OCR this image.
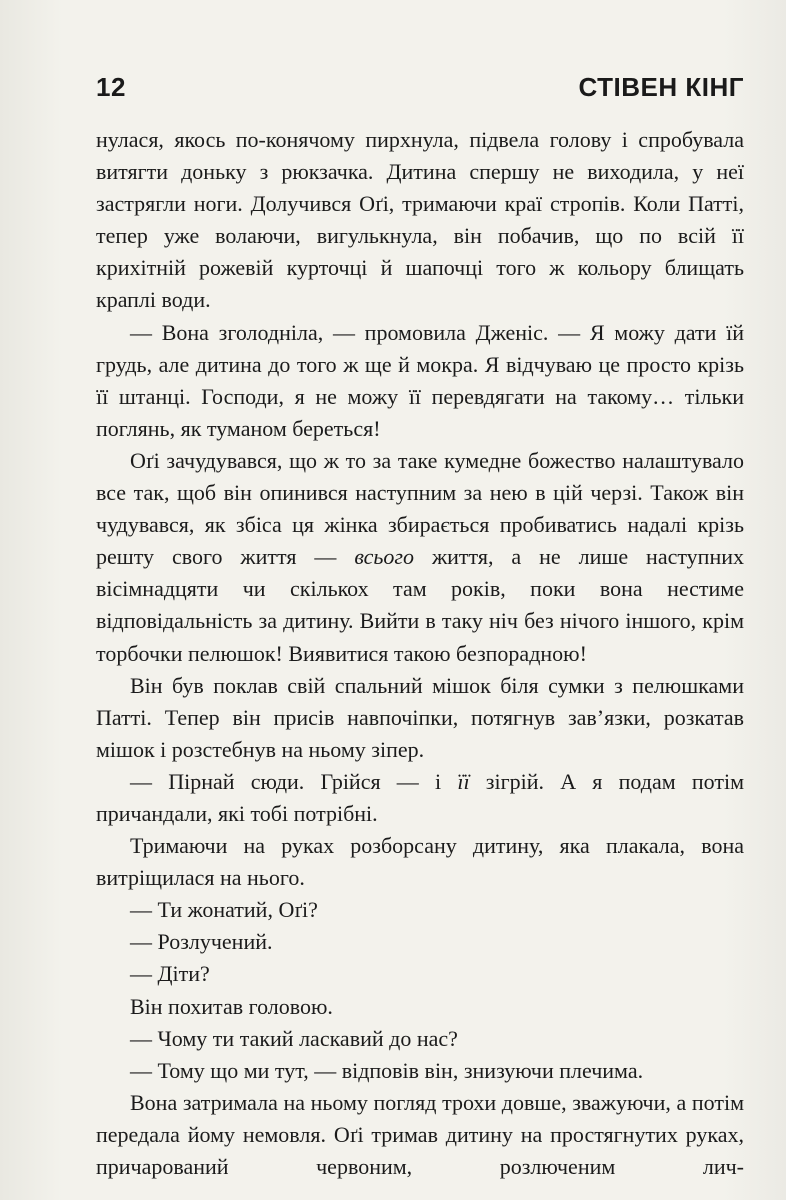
12	СТІВЕН КІНГ

нулася, якось по-конячому пирхнула, підвела голову і спробувала витягти доньку з рюкзачка. Дитина спершу не виходила, у неї застрягли ноги. Долучився Оґі, тримаючи краї стропів. Коли Патті, тепер уже волаючи, вигулькнула, він побачив, що по всій її крихітній рожевій курточці й шапочці того ж кольору блищать краплі води.

— Вона зголодніла, — промовила Дженіс. — Я можу дати їй грудь, але дитина до того ж ще й мокра. Я відчуваю це просто крізь її штанці. Господи, я не можу її перевдягати на такому… тільки поглянь, як туманом береться!

Оґі зачудувався, що ж то за таке кумедне божество налаштувало все так, щоб він опинився наступним за нею в цій черзі. Також він чудувався, як збіса ця жінка збирається пробиватись надалі крізь решту свого життя — всього життя, а не лише наступних вісімнадцяти чи скількох там років, поки вона нестиме відповідальність за дитину. Вийти в таку ніч без нічого іншого, крім торбочки пелюшок! Виявитися такою безпорадною!

Він був поклав свій спальний мішок біля сумки з пелюшками Патті. Тепер він присів навпочіпки, потягнув зав’язки, розкатав мішок і розстебнув на ньому зіпер.

— Пірнай сюди. Грійся — і її зігрій. А я подам потім причандали, які тобі потрібні.

Тримаючи на руках розборсану дитину, яка плакала, вона витріщилася на нього.

— Ти жонатий, Оґі?

— Розлучений.

— Діти?

Він похитав головою.

— Чому ти такий ласкавий до нас?

— Тому що ми тут, — відповів він, знизуючи плечима.

Вона затримала на ньому погляд трохи довше, зважуючи, а потім передала йому немовля. Оґі тримав дитину на простягнутих руках, причарований червоним, розлюченим лич-
